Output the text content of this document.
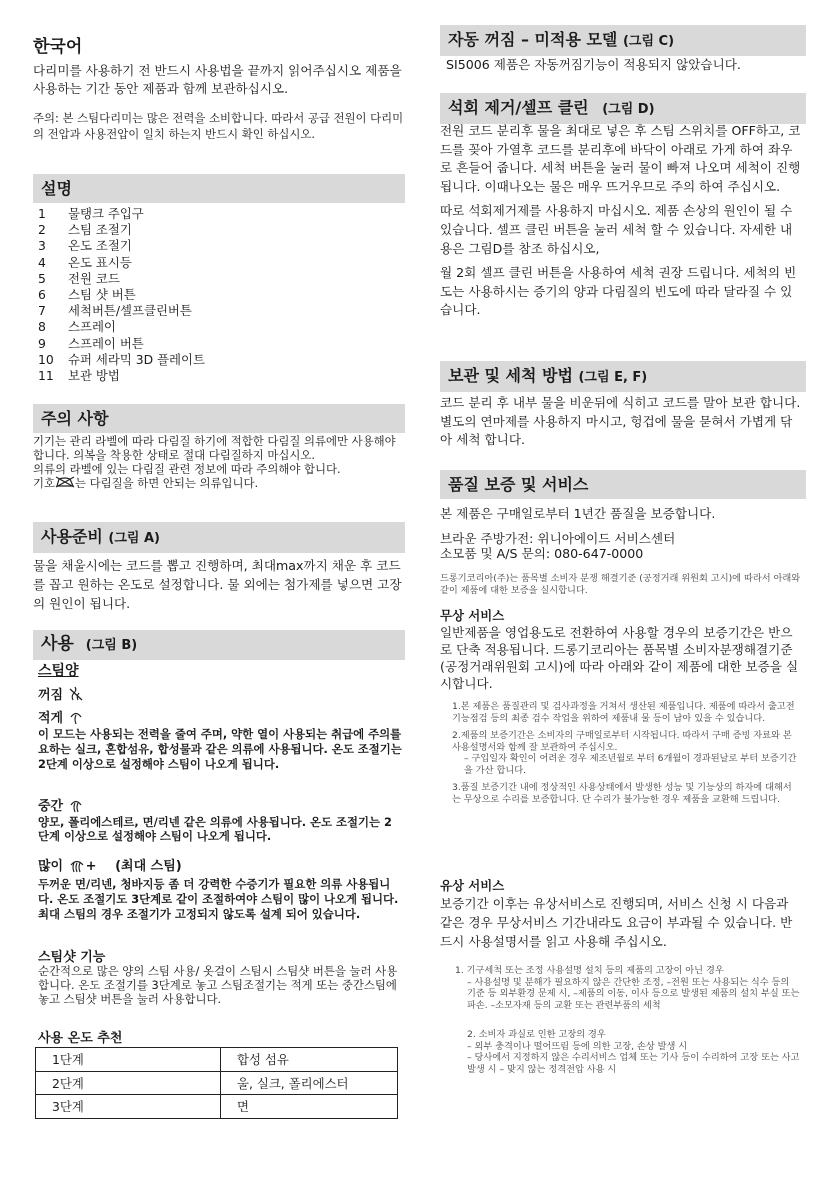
한국어

다리미를 사용하기 전 반드시 사용법을 끝까지 읽어주십시오 제품을 사용하는 기간 동안 제품과 함께 보관하십시오.

주의: 본 스팀다리미는 많은 전력을 소비합니다. 따라서 공급 전원이 다리미의 전압과 사용전압이 일치 하는지 반드시 확인 하십시오.

설명
1	물탱크 주입구
2	스팀 조절기
3	온도 조절기
4	온도 표시등
5	전원 코드
6	스팀 샷 버튼
7	세척버튼/셀프클린버튼
8	스프레이
9	스프레이 버튼
10	슈퍼 세라믹 3D 플레이트
11	보관 방법
주의 사항

기기는 관리 라벨에 따라 다림질 하기에 적합한 다림질 의류에만 사용해야 합니다. 의복을 착용한 상태로 절대 다림질하지 마십시오.

의류의 라벨에 있는 다림질 관련 정보에 따라 주의해야 합니다.

기호 는 다림질을 하면 안되는 의류입니다.

사용준비 (그림 A)

물을 채울시에는 코드를 뽑고 진행하며, 최대max까지 채운 후 코드를 꼽고 원하는 온도로 설정합니다. 물 외에는 첨가제를 넣으면 고장의 원인이 됩니다.

사용 (그림 B)
스팀양
꺼짐
적게

이 모드는 사용되는 전력을 줄여 주며, 약한 열이 사용되는 취급에 주의를 요하는 실크, 혼합섬유, 합성물과 같은 의류에 사용됩니다. 온도 조절기는 2단계 이상으로 설정해야 스팀이 나오게 됩니다.

중간

양모, 폴리에스테르, 면/리넨 같은 의류에 사용됩니다. 온도 조절기는 2단계 이상으로 설정해야 스팀이 나오게 됩니다.

많이 + (최대 스팀)

두꺼운 면/리넨, 청바지등 좀 더 강력한 수증기가 필요한 의류 사용됩니다. 온도 조절기도 3단계로 같이 조절하여야 스팀이 많이 나오게 됩니다. 최대 스팀의 경우 조절기가 고정되지 않도록 설계 되어 있습니다.

스팀샷 기능

순간적으로 많은 양의 스팀 사용/ 옷걸이 스팀시 스팀샷 버튼을 눌러 사용합니다. 온도 조절기를 3단계로 놓고 스팀조절기는 적게 또는 중간스팀에 놓고 스팀샷 버튼을 눌러 사용합니다.

사용 온도 추천
1단계	합성 섬유
2단계	울, 실크, 폴리에스터
3단계	면
자동 꺼짐 – 미적용 모델 (그림 C)

SI5006 제품은 자동꺼짐기능이 적용되지 않았습니다.

석회 제거/셀프 클린 (그림 D)

전원 코드 분리후 물을 최대로 넣은 후 스팀 스위치를 OFF하고, 코드를 꽂아 가열후 코드를 분리후에 바닥이 아래로 가게 하여 좌우로 흔들어 줍니다. 세척 버튼을 눌러 물이 빠져 나오며 세척이 진행 됩니다. 이때나오는 물은 매우 뜨거우므로 주의 하여 주십시오.

따로 석회제거제를 사용하지 마십시오. 제품 손상의 원인이 될 수 있습니다. 셀프 클린 버튼을 눌러 세척 할 수 있습니다. 자세한 내용은 그림D를 참조 하십시오,

월 2회 셀프 클린 버튼을 사용하여 세척 권장 드립니다. 세척의 빈도는 사용하시는 증기의 양과 다림질의 빈도에 따라 달라질 수 있습니다.

보관 및 세척 방법 (그림 E, F)

코드 분리 후 내부 물을 비운뒤에 식히고 코드를 말아 보관 합니다. 별도의 연마제를 사용하지 마시고, 헝겁에 물을 묻혀서 가볍게 닦아 세척 합니다.

품질 보증 및 서비스

본 제품은 구매일로부터 1년간 품질을 보증합니다.

브라운 주방가전: 위니아에이드 서비스센터

소모품 및 A/S 문의: 080-647-0000

드롱기코리아(주)는 품목별 소비자 분쟁 해결기준 (공정거래 위원회 고시)에 따라서 아래와 같이 제품에 대한 보증을 실시합니다.

무상 서비스

일반제품을 영업용도로 전환하여 사용할 경우의 보증기간은 반으로 단축 적용됩니다. 드롱기코리아는 품목별 소비자분쟁해결기준(공정거래위원회 고시)에 따라 아래와 같이 제품에 대한 보증을 실시합니다.

1.본 제품은 품질관리 및 검사과정을 거쳐서 생산된 제품입니다. 제품에 따라서 출고전 기능점검 등의 최종 검수 작업을 위하여 제품내 물 등이 남아 있을 수 있습니다.

2.제품의 보증기간은 소비자의 구매일로부터 시작됩니다. 따라서 구매 증빙 자료와 본 사용설명서와 함께 잘 보관하여 주십시오.

– 구입일자 확인이 어려운 경우 제조년월로 부터 6개월이 경과된날로 부터 보증기간을 가산 합니다.

3.품질 보증기간 내에 정상적인 사용상태에서 발생한 성능 및 기능상의 하자에 대해서는 무상으로 수리를 보증합니다. 단 수리가 불가능한 경우 제품을 교환해 드립니다.

유상 서비스

보증기간 이후는 유상서비스로 진행되며, 서비스 신청 시 다음과 같은 경우 무상서비스 기간내라도 요금이 부과될 수 있습니다. 반드시 사용설명서를 읽고 사용해 주십시오.

1. 기구세척 또는 조정 사용설명 설치 등의 제품의 고장이 아닌 경우

– 사용설명 및 분해가 필요하지 않은 간단한 조정, –전원 또는 사용되는 식수 등의 기준 등 외부환경 문제 시, –제품의 이동, 이사 등으로 발생된 제품의 설치 부실 또는 파손. –소모자재 등의 교환 또는 관련부품의 세척

2. 소비자 과실로 인한 고장의 경우

– 외부 충격이나 떨어뜨림 등에 의한 고장, 손상 발생 시

– 당사에서 지정하지 않은 수리서비스 업체 또는 기사 등이 수리하여 고장 또는 사고 발생 시 – 맞지 않는 정격전압 사용 시
